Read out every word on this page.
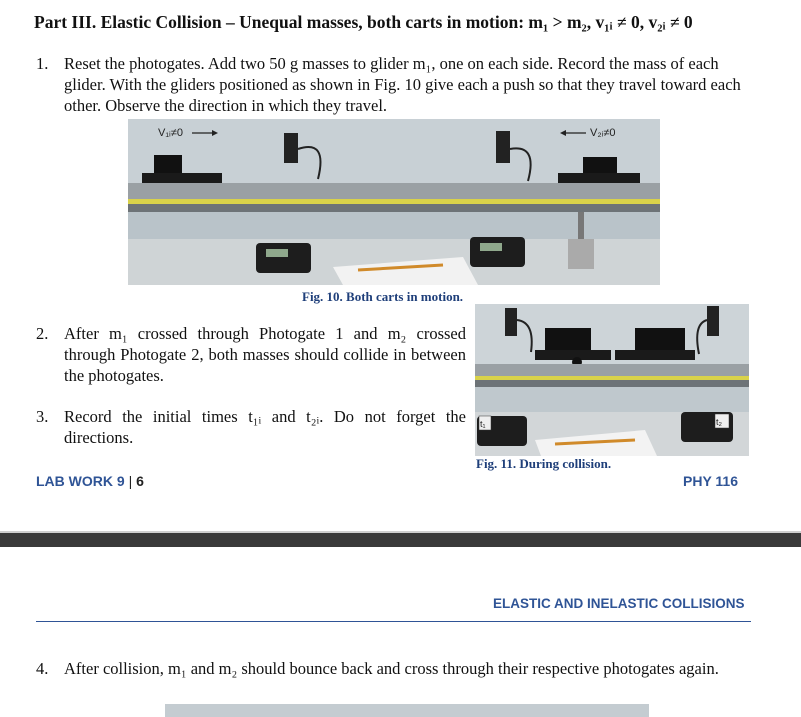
Part III. Elastic Collision – Unequal masses, both carts in motion: m₁ > m₂, v₁ᵢ ≠ 0, v₂ᵢ ≠ 0
1. Reset the photogates. Add two 50 g masses to glider m₁, one on each side. Record the mass of each glider. With the gliders positioned as shown in Fig. 10 give each a push so that they travel toward each other. Observe the direction in which they travel.
V₁ᵢ≠0	V₂ᵢ≠0
Fig. 10. Both carts in motion.
2. After m₁ crossed through Photogate 1 and m₂ crossed through Photogate 2, both masses should collide in between the photogates.
3. Record the initial times t₁ᵢ and t₂ᵢ. Do not forget the directions.
t₁	t₂
Fig. 11. During collision.
LAB WORK 9 | 6	PHY 116
ELASTIC AND INELASTIC COLLISIONS
4. After collision, m₁ and m₂ should bounce back and cross through their respective photogates again.
